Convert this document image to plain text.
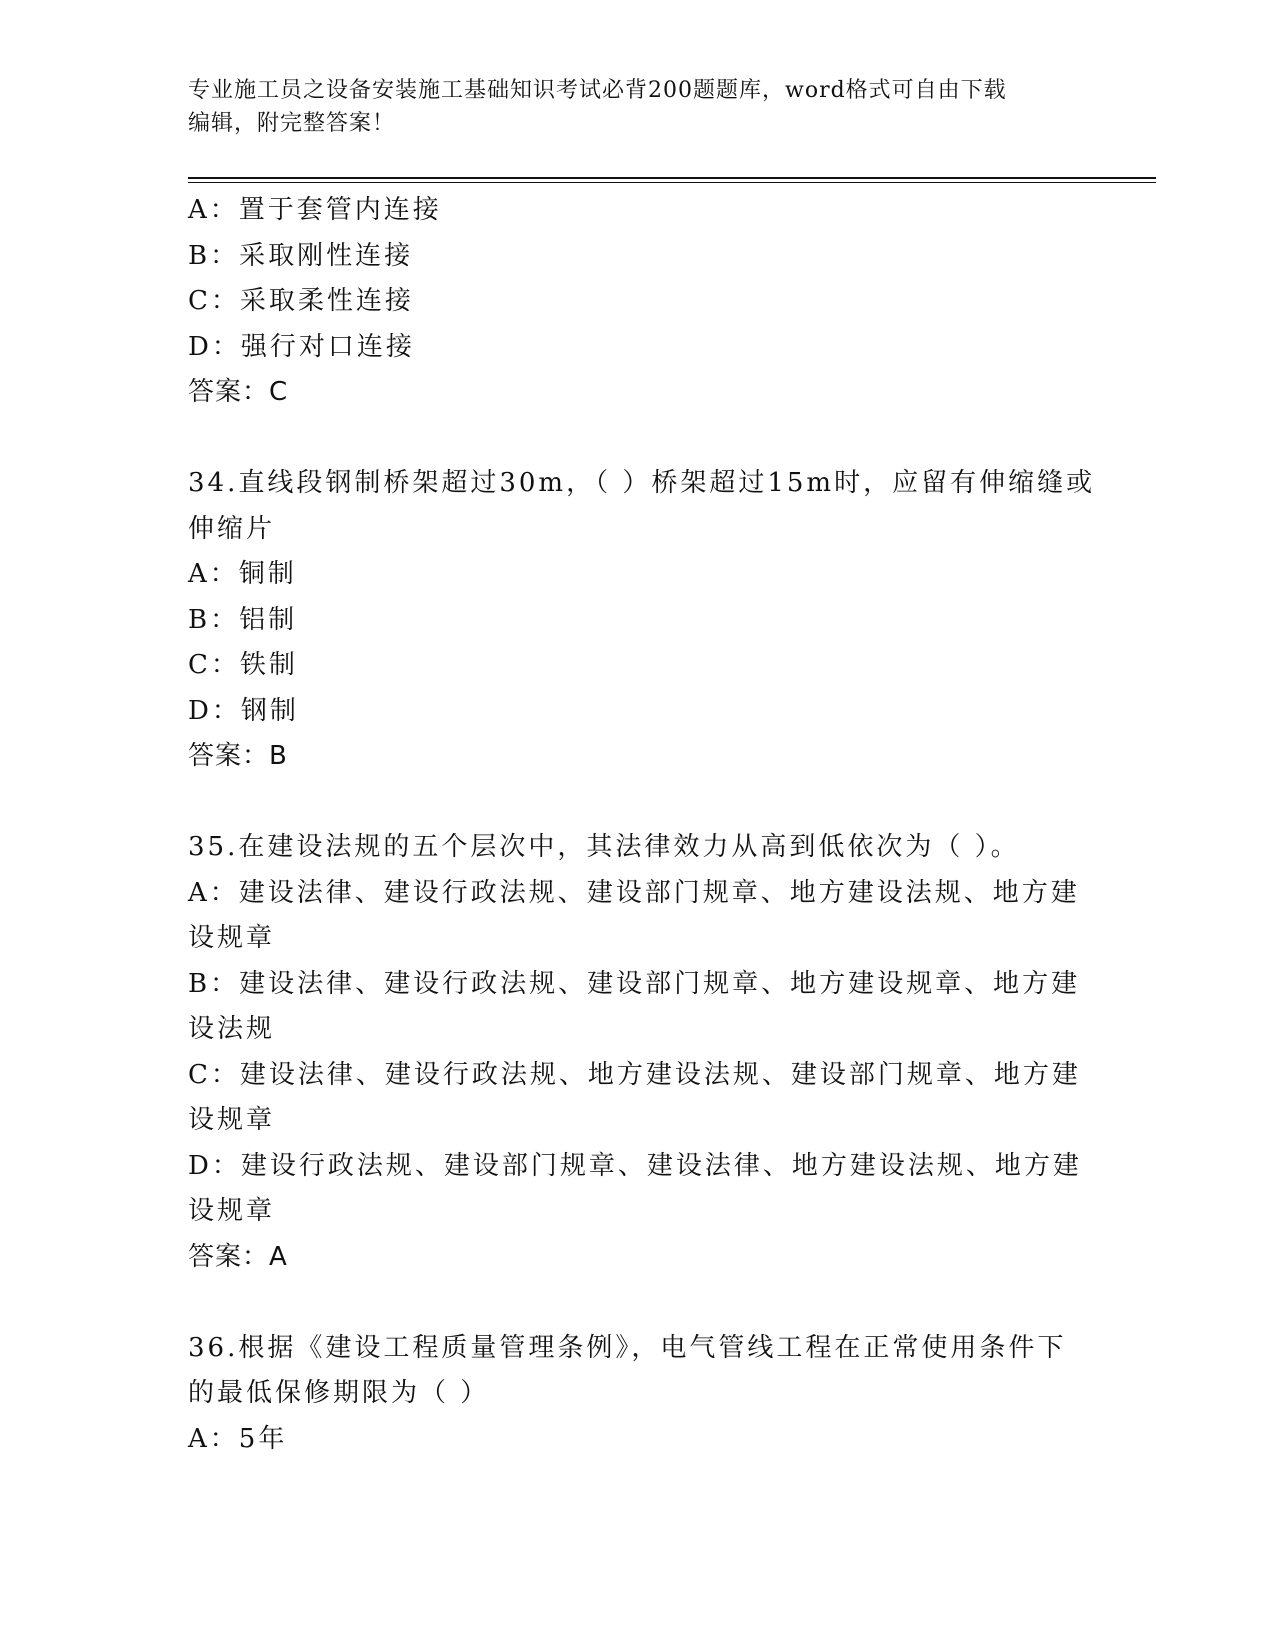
专业施工员之设备安装施工基础知识考试必背200题题库，word格式可自由下载
编辑，附完整答案！
A：置于套管内连接
B：采取刚性连接
C：采取柔性连接
D：强行对口连接
答案：C
34.直线段钢制桥架超过30m，（ ）桥架超过15m时，应留有伸缩缝或
伸缩片
A：铜制
B：铝制
C：铁制
D：钢制
答案：B
35.在建设法规的五个层次中，其法律效力从高到低依次为（ ）。
A：建设法律、建设行政法规、建设部门规章、地方建设法规、地方建
设规章
B：建设法律、建设行政法规、建设部门规章、地方建设规章、地方建
设法规
C：建设法律、建设行政法规、地方建设法规、建设部门规章、地方建
设规章
D：建设行政法规、建设部门规章、建设法律、地方建设法规、地方建
设规章
答案：A
36.根据《建设工程质量管理条例》，电气管线工程在正常使用条件下
的最低保修期限为（ ）
A：5年
